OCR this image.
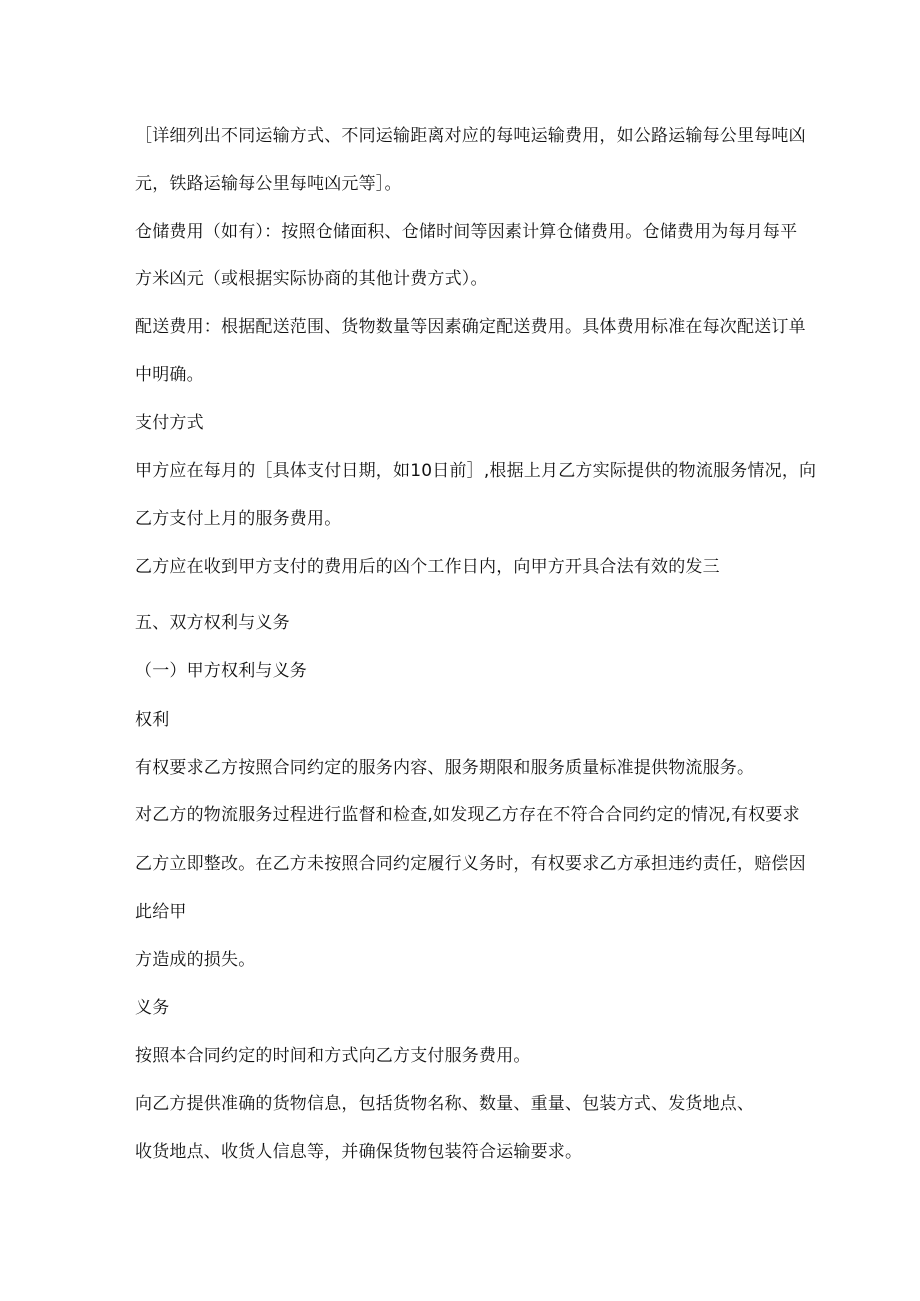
［详细列出不同运输方式、不同运输距离对应的每吨运输费用，如公路运输每公里每吨凶
元，铁路运输每公里每吨凶元等］。
仓储费用（如有）：按照仓储面积、仓储时间等因素计算仓储费用。仓储费用为每月每平
方米凶元（或根据实际协商的其他计费方式）。
配送费用：根据配送范围、货物数量等因素确定配送费用。具体费用标准在每次配送订单
中明确。
支付方式
甲方应在每月的［具体支付日期，如10日前］,根据上月乙方实际提供的物流服务情况，向
乙方支付上月的服务费用。
乙方应在收到甲方支付的费用后的凶个工作日内，向甲方开具合法有效的发三
五、双方权利与义务
（一）甲方权利与义务
权利
有权要求乙方按照合同约定的服务内容、服务期限和服务质量标准提供物流服务。
对乙方的物流服务过程进行监督和检查,如发现乙方存在不符合合同约定的情况,有权要求
乙方立即整改。在乙方未按照合同约定履行义务时，有权要求乙方承担违约责任，赔偿因
此给甲
方造成的损失。
义务
按照本合同约定的时间和方式向乙方支付服务费用。
向乙方提供准确的货物信息，包括货物名称、数量、重量、包装方式、发货地点、
收货地点、收货人信息等，并确保货物包装符合运输要求。
